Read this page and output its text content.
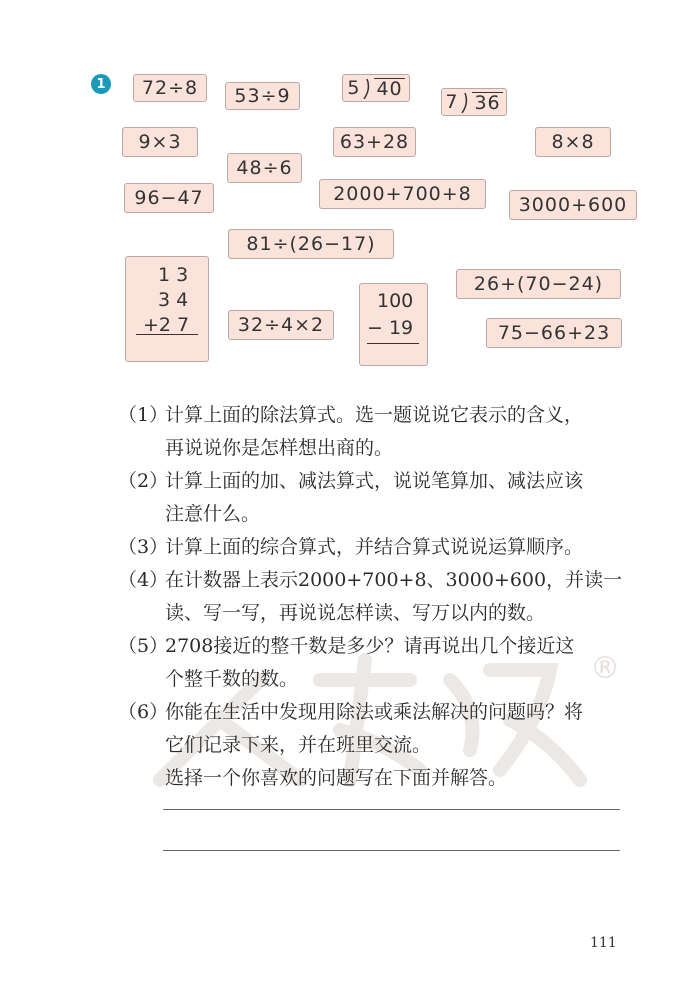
1	72÷8	53÷9	5 40
7 36
9×3	63+28	8×8
48÷6
96−47	2000+700+8	3000+600
81÷(26−17)
1 3
3 4
+2 7	32÷4×2
100
− 19
26+(70−24)
75−66+23
®
（1）计算上面的除法算式。选一题说说它表示的含义，
再说说你是怎样想出商的。
（2）计算上面的加、减法算式，说说笔算加、减法应该
注意什么。
（3）计算上面的综合算式，并结合算式说说运算顺序。
（4）在计数器上表示2000+700+8、3000+600，并读一
读、写一写，再说说怎样读、写万以内的数。
（5）2708接近的整千数是多少？请再说出几个接近这
个整千数的数。
（6）你能在生活中发现用除法或乘法解决的问题吗？将
它们记录下来，并在班里交流。
选择一个你喜欢的问题写在下面并解答。
111
